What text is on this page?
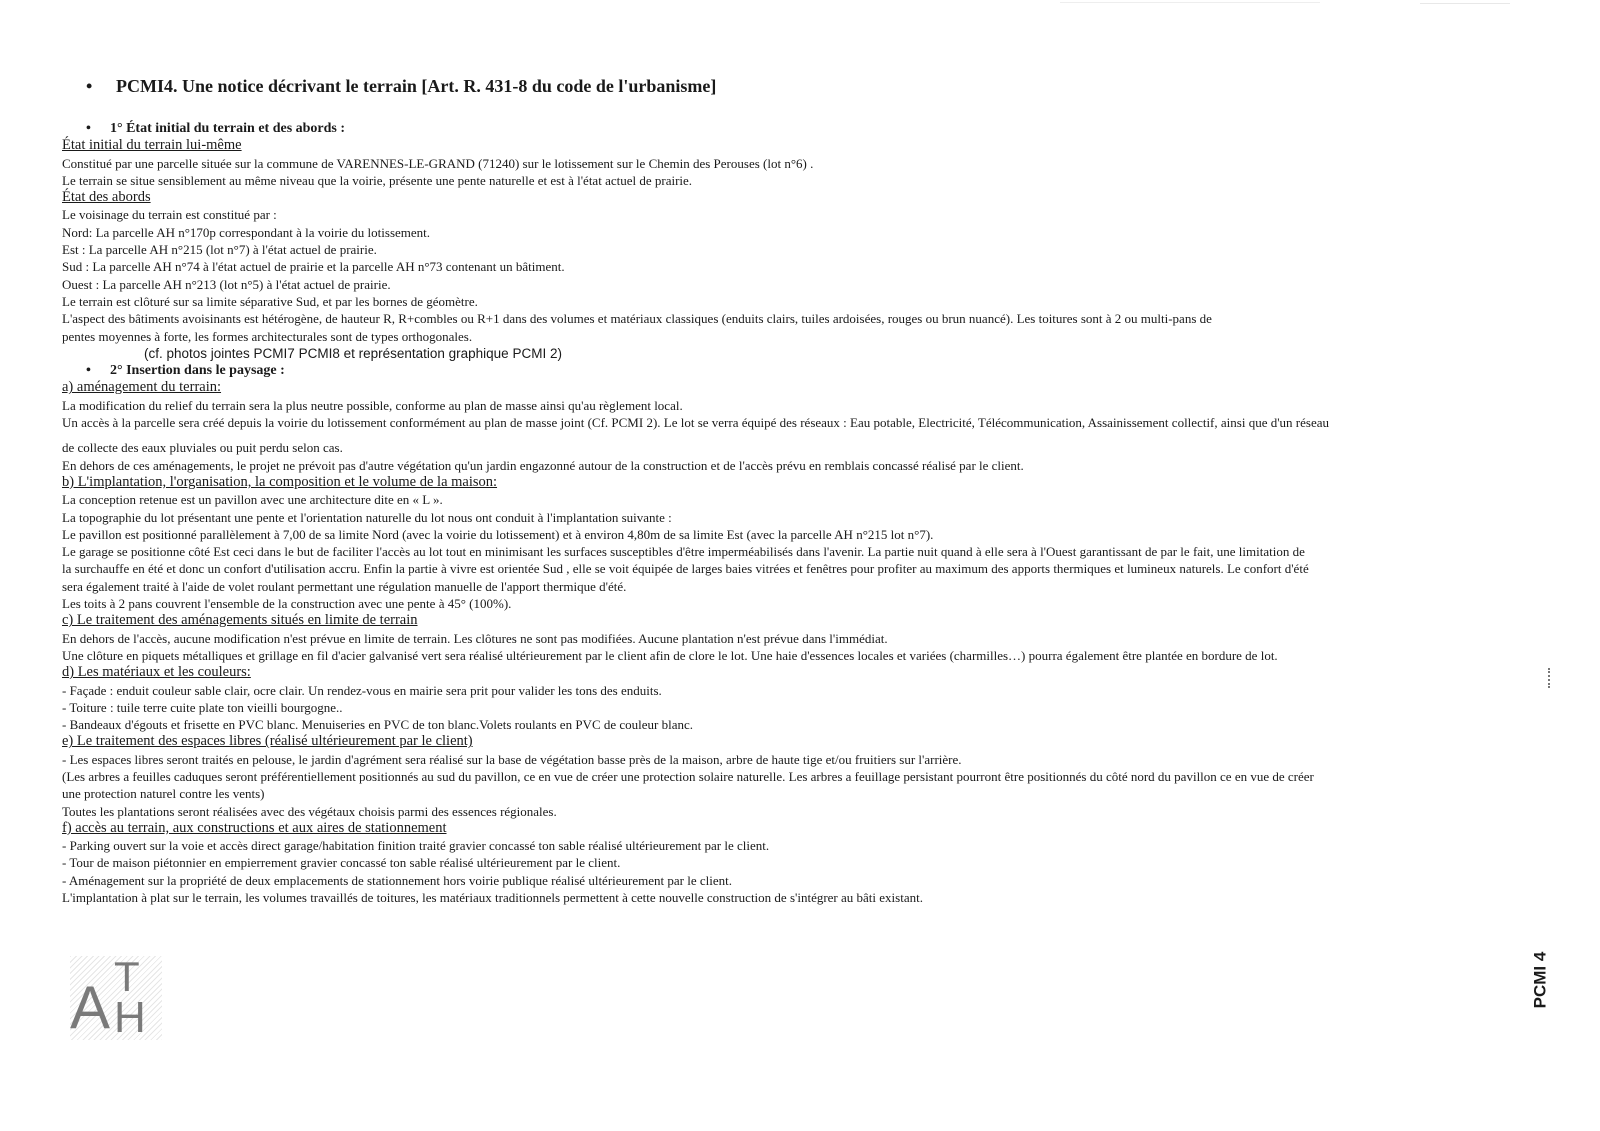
• PCMI4. Une notice décrivant le terrain [Art. R. 431-8 du code de l'urbanisme]
• 1° État initial du terrain et des abords :
État initial du terrain lui-même
Constitué par une parcelle située sur la commune de VARENNES-LE-GRAND (71240) sur le lotissement sur le Chemin des Perouses (lot n°6) .
Le terrain se situe sensiblement au même niveau que la voirie, présente une pente naturelle et est à l'état actuel de prairie.
État des abords
Le voisinage du terrain est constitué par :
Nord: La parcelle AH n°170p correspondant à la voirie du lotissement.
Est : La parcelle AH n°215 (lot n°7) à l'état actuel de prairie.
Sud : La parcelle AH n°74 à l'état actuel de prairie et la parcelle AH n°73 contenant un bâtiment.
Ouest : La parcelle AH n°213 (lot n°5) à l'état actuel de prairie.
Le terrain est clôturé sur sa limite séparative Sud, et par les bornes de géomètre.
L'aspect des bâtiments avoisinants est hétérogène, de hauteur R, R+combles ou R+1 dans des volumes et matériaux classiques (enduits clairs, tuiles ardoisées, rouges ou brun nuancé). Les toitures sont à 2 ou multi-pans de
pentes moyennes à forte, les formes architecturales sont de types orthogonales.
(cf. photos jointes PCMI7 PCMI8 et représentation graphique PCMI 2)
• 2° Insertion dans le paysage :
a) aménagement du terrain:
La modification du relief du terrain sera la plus neutre possible, conforme au plan de masse ainsi qu'au règlement local.
Un accès à la parcelle sera créé depuis la voirie du lotissement conformément au plan de masse joint (Cf. PCMI 2). Le lot se verra équipé des réseaux : Eau potable, Electricité, Télécommunication, Assainissement collectif, ainsi que d'un réseau
de collecte des eaux pluviales ou puit perdu selon cas.
En dehors de ces aménagements, le projet ne prévoit pas d'autre végétation qu'un jardin engazonné autour de la construction et de l'accès prévu en remblais concassé réalisé par le client.
b) L'implantation, l'organisation, la composition et le volume de la maison:
La conception retenue est un pavillon avec une architecture dite en « L ».
La topographie du lot présentant une pente et l'orientation naturelle du lot nous ont conduit à l'implantation suivante :
Le pavillon est positionné parallèlement à 7,00 de sa limite Nord (avec la voirie du lotissement) et à environ 4,80m de sa limite Est (avec la parcelle AH n°215 lot n°7).
Le garage se positionne côté Est ceci dans le but de faciliter l'accès au lot tout en minimisant les surfaces susceptibles d'être imperméabilisés dans l'avenir. La partie nuit quand à elle sera à l'Ouest garantissant de par le fait, une limitation de
la surchauffe en été et donc un confort d'utilisation accru. Enfin la partie à vivre est orientée Sud , elle se voit équipée de larges baies vitrées et fenêtres pour profiter au maximum des apports thermiques et lumineux naturels. Le confort d'été
sera également traité à l'aide de volet roulant permettant une régulation manuelle de l'apport thermique d'été.
Les toits à 2 pans couvrent l'ensemble de la construction avec une pente à 45° (100%).
c) Le traitement des aménagements situés en limite de terrain
En dehors de l'accès, aucune modification n'est prévue en limite de terrain. Les clôtures ne sont pas modifiées. Aucune plantation n'est prévue dans l'immédiat.
Une clôture en piquets métalliques et grillage en fil d'acier galvanisé vert sera réalisé ultérieurement par le client afin de clore le lot. Une haie d'essences locales et variées (charmilles…) pourra également être plantée en bordure de lot.
d) Les matériaux et les couleurs:
- Façade : enduit couleur sable clair, ocre clair. Un rendez-vous en mairie sera prit pour valider les tons des enduits.
- Toiture : tuile terre cuite plate ton vieilli bourgogne..
- Bandeaux d'égouts et frisette en PVC blanc. Menuiseries en PVC de ton blanc.Volets roulants en PVC de couleur blanc.
e) Le traitement des espaces libres (réalisé ultérieurement par le client)
- Les espaces libres seront traités en pelouse, le jardin d'agrément sera réalisé sur la base de végétation basse près de la maison, arbre de haute tige et/ou fruitiers sur l'arrière.
(Les arbres a feuilles caduques seront préférentiellement positionnés au sud du pavillon, ce en vue de créer une protection solaire naturelle. Les arbres a feuillage persistant pourront être positionnés du côté nord du pavillon ce en vue de créer
une protection naturel contre les vents)
Toutes les plantations seront réalisées avec des végétaux choisis parmi des essences régionales.
f) accès au terrain, aux constructions et aux aires de stationnement
- Parking ouvert sur la voie et accès direct garage/habitation finition traité gravier concassé ton sable réalisé ultérieurement par le client.
- Tour de maison piétonnier en empierrement gravier concassé ton sable réalisé ultérieurement par le client.
- Aménagement sur la propriété de deux emplacements de stationnement hors voirie publique réalisé ultérieurement par le client.
L'implantation à plat sur le terrain, les volumes travaillés de toitures, les matériaux traditionnels permettent à cette nouvelle construction de s'intégrer au bâti existant.
A T
H
PCMI 4
